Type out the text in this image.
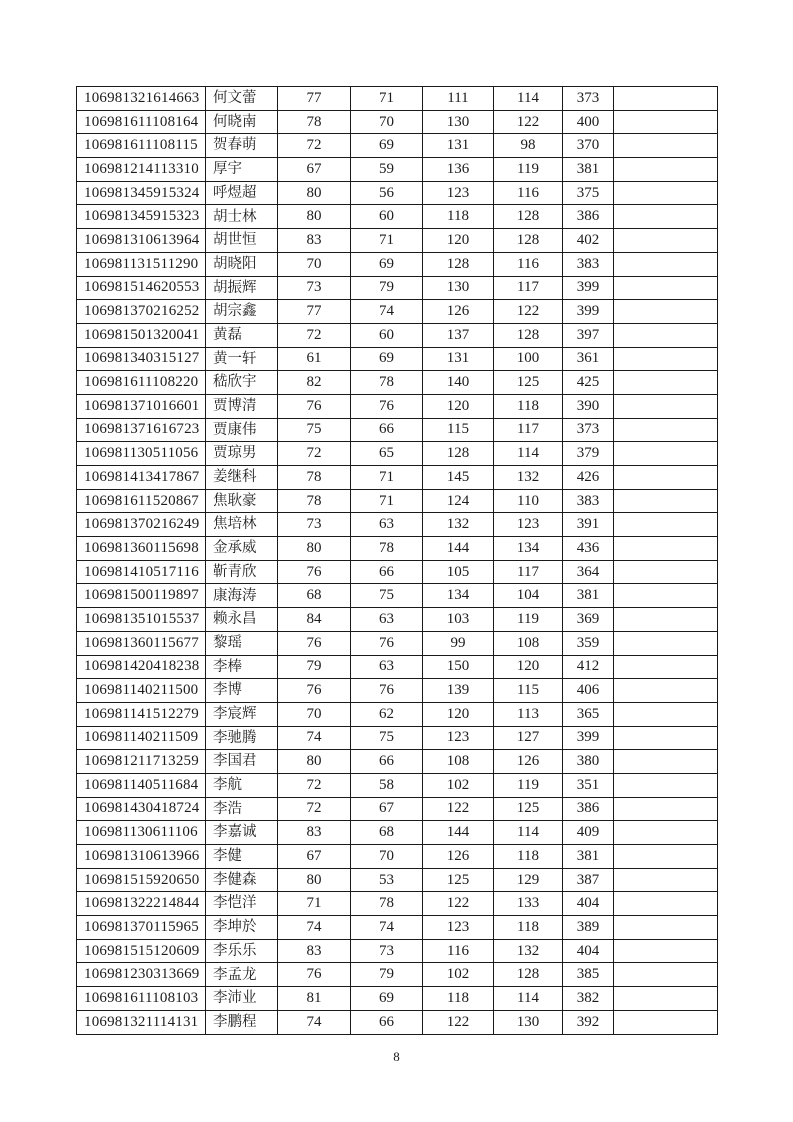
106981321614663	何文蕾	77	71	111	114	373	
106981611108164	何晓南	78	70	130	122	400	
106981611108115	贺春萌	72	69	131	98	370	
106981214113310	厚宇	67	59	136	119	381	
106981345915324	呼煜超	80	56	123	116	375	
106981345915323	胡士林	80	60	118	128	386	
106981310613964	胡世恒	83	71	120	128	402	
106981131511290	胡晓阳	70	69	128	116	383	
106981514620553	胡振辉	73	79	130	117	399	
106981370216252	胡宗鑫	77	74	126	122	399	
106981501320041	黄磊	72	60	137	128	397	
106981340315127	黄一轩	61	69	131	100	361	
106981611108220	嵇欣宇	82	78	140	125	425	
106981371016601	贾博清	76	76	120	118	390	
106981371616723	贾康伟	75	66	115	117	373	
106981130511056	贾琼男	72	65	128	114	379	
106981413417867	姜继科	78	71	145	132	426	
106981611520867	焦耿豪	78	71	124	110	383	
106981370216249	焦培林	73	63	132	123	391	
106981360115698	金承威	80	78	144	134	436	
106981410517116	靳青欣	76	66	105	117	364	
106981500119897	康海涛	68	75	134	104	381	
106981351015537	赖永昌	84	63	103	119	369	
106981360115677	黎瑶	76	76	99	108	359	
106981420418238	李棒	79	63	150	120	412	
106981140211500	李博	76	76	139	115	406	
106981141512279	李宸辉	70	62	120	113	365	
106981140211509	李驰腾	74	75	123	127	399	
106981211713259	李国君	80	66	108	126	380	
106981140511684	李航	72	58	102	119	351	
106981430418724	李浩	72	67	122	125	386	
106981130611106	李嘉诚	83	68	144	114	409	
106981310613966	李健	67	70	126	118	381	
106981515920650	李健森	80	53	125	129	387	
106981322214844	李恺洋	71	78	122	133	404	
106981370115965	李坤於	74	74	123	118	389	
106981515120609	李乐乐	83	73	116	132	404	
106981230313669	李孟龙	76	79	102	128	385	
106981611108103	李沛业	81	69	118	114	382	
106981321114131	李鹏程	74	66	122	130	392	
8
